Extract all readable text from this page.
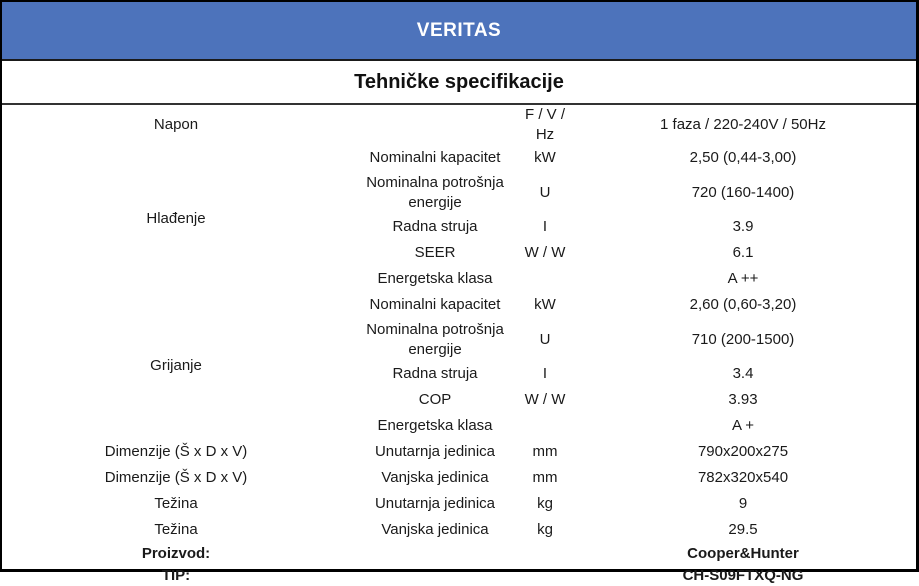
VERITAS
Tehničke specifikacije
Napon		F / V / Hz	1 faza / 220-240V / 50Hz
Hlađenje	Nominalni kapacitet	kW	2,50 (0,44-3,00)
	Nominalna potrošnja energije	U	720 (160-1400)
	Radna struja	I	3.9
	SEER	W / W	6.1
	Energetska klasa		A ++
Grijanje	Nominalni kapacitet	kW	2,60 (0,60-3,20)
	Nominalna potrošnja energije	U	710 (200-1500)
	Radna struja	I	3.4
	COP	W / W	3.93
	Energetska klasa		A +
Dimenzije (Š x D x V)	Unutarnja jedinica	mm	790x200x275
Dimenzije (Š x D x V)	Vanjska jedinica	mm	782x320x540
Težina	Unutarnja jedinica	kg	9
Težina	Vanjska jedinica	kg	29.5
Proizvod:			Cooper&Hunter
TIP:			CH-S09FTXQ-NG
